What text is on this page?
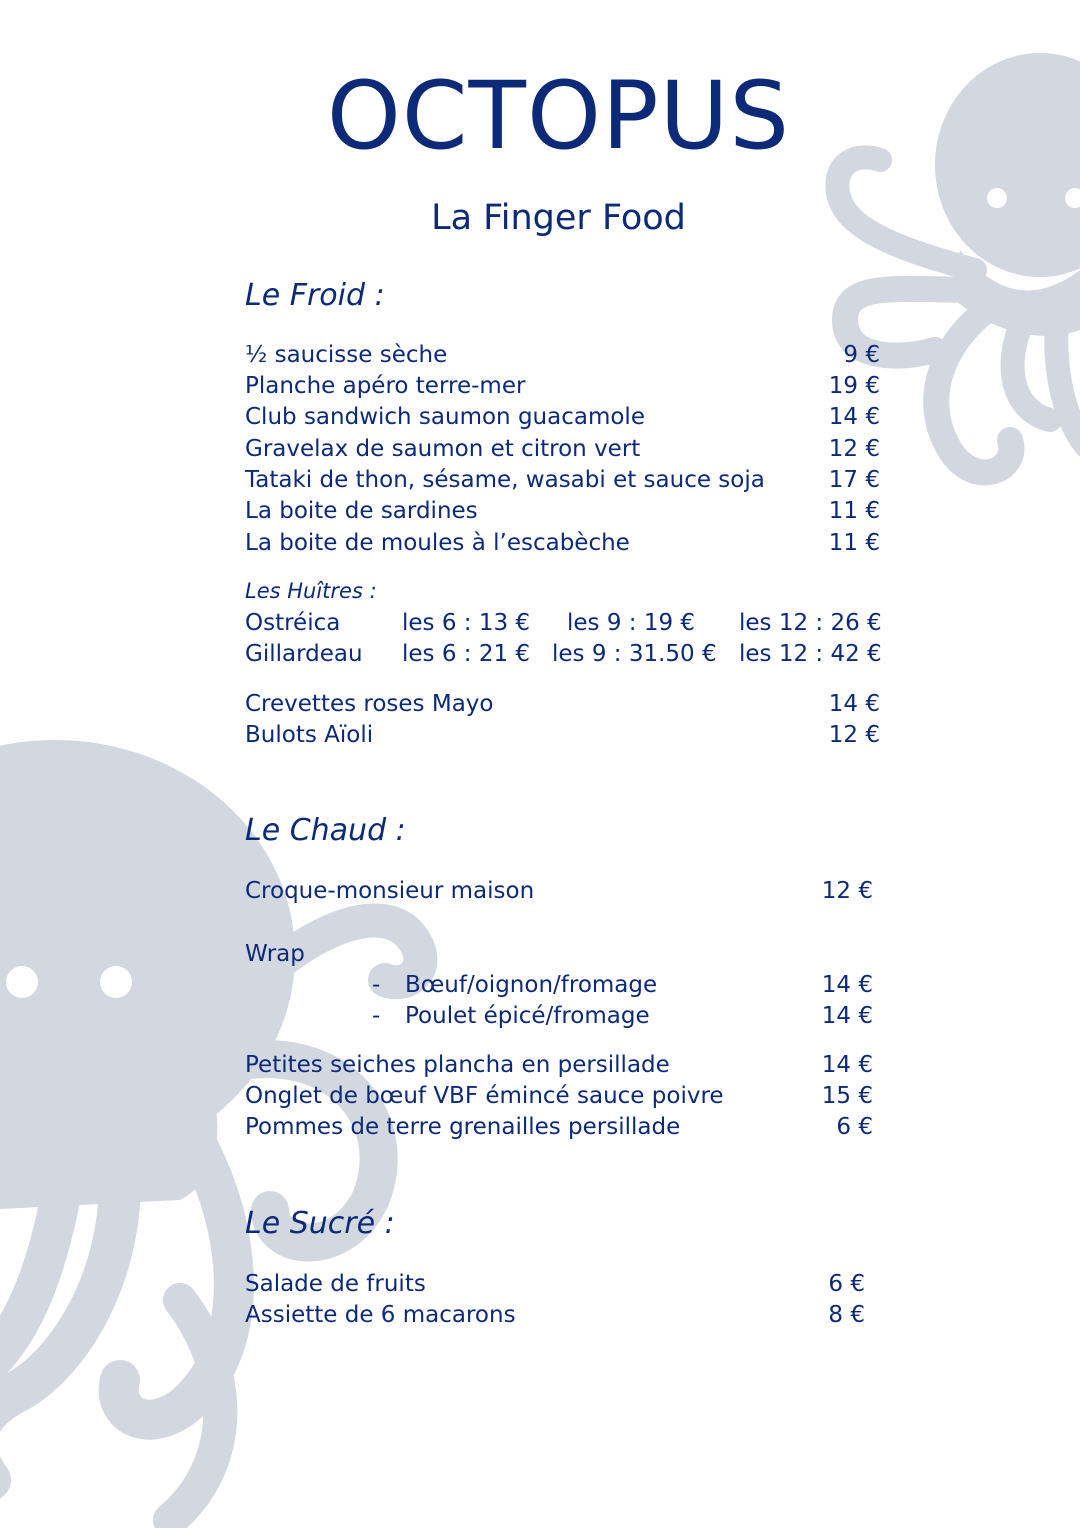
OCTOPUS
La Finger Food
Le Froid :
½ saucisse sèche	9 €
Planche apéro terre-mer	19 €
Club sandwich saumon guacamole	14 €
Gravelax de saumon et citron vert	12 €
Tataki de thon, sésame, wasabi et sauce soja	17 €
La boite de sardines	11 €
La boite de moules à l’escabèche	11 €
Les Huîtres :
Ostréica	les 6 : 13 € les 9 : 19 € les 12 : 26 €
Gillardeau les 6 : 21 € les 9 : 31.50 € les 12 : 42 €
Crevettes roses Mayo	14 €
Bulots Aïoli	12 €
Le Chaud :
Croque-monsieur maison	12 €
Wrap
- Bœuf/oignon/fromage	14 €
- Poulet épicé/fromage	14 €
Petites seiches plancha en persillade	14 €
Onglet de bœuf VBF émincé sauce poivre	15 €
Pommes de terre grenailles persillade	6 €
Le Sucré :
Salade de fruits	6 €
Assiette de 6 macarons	8 €
